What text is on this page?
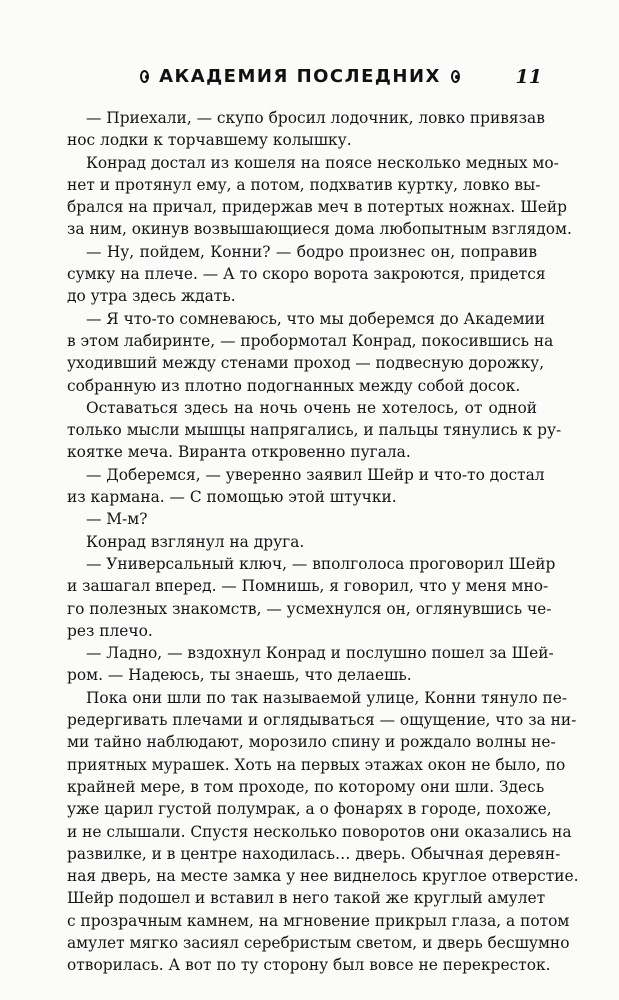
АКАДЕМИЯ ПОСЛЕДНИХ	11
— Приехали, — скупо бросил лодочник, ловко привязав
нос лодки к торчавшему колышку.
Конрад достал из кошеля на поясе несколько медных мо-
нет и протянул ему, а потом, подхватив куртку, ловко вы-
брался на причал, придержав меч в потертых ножнах. Шейр
за ним, окинув возвышающиеся дома любопытным взглядом.
— Ну, пойдем, Конни? — бодро произнес он, поправив
сумку на плече. — А то скоро ворота закроются, придется
до утра здесь ждать.
— Я что-то сомневаюсь, что мы доберемся до Академии
в этом лабиринте, — пробормотал Конрад, покосившись на
уходивший между стенами проход — подвесную дорожку,
собранную из плотно подогнанных между собой досок.
Оставаться здесь на ночь очень не хотелось, от одной
только мысли мышцы напрягались, и пальцы тянулись к ру-
коятке меча. Виранта откровенно пугала.
— Доберемся, — уверенно заявил Шейр и что-то достал
из кармана. — С помощью этой штучки.
— М-м?
Конрад взглянул на друга.
— Универсальный ключ, — вполголоса проговорил Шейр
и зашагал вперед. — Помнишь, я говорил, что у меня мно-
го полезных знакомств, — усмехнулся он, оглянувшись че-
рез плечо.
— Ладно, — вздохнул Конрад и послушно пошел за Шей-
ром. — Надеюсь, ты знаешь, что делаешь.
Пока они шли по так называемой улице, Конни тянуло пе-
редергивать плечами и оглядываться — ощущение, что за ни-
ми тайно наблюдают, морозило спину и рождало волны не-
приятных мурашек. Хоть на первых этажах окон не было, по
крайней мере, в том проходе, по которому они шли. Здесь
уже царил густой полумрак, а о фонарях в городе, похоже,
и не слышали. Спустя несколько поворотов они оказались на
развилке, и в центре находилась… дверь. Обычная деревян-
ная дверь, на месте замка у нее виднелось круглое отверстие.
Шейр подошел и вставил в него такой же круглый амулет
с прозрачным камнем, на мгновение прикрыл глаза, а потом
амулет мягко засиял серебристым светом, и дверь бесшумно
отворилась. А вот по ту сторону был вовсе не перекресток.
